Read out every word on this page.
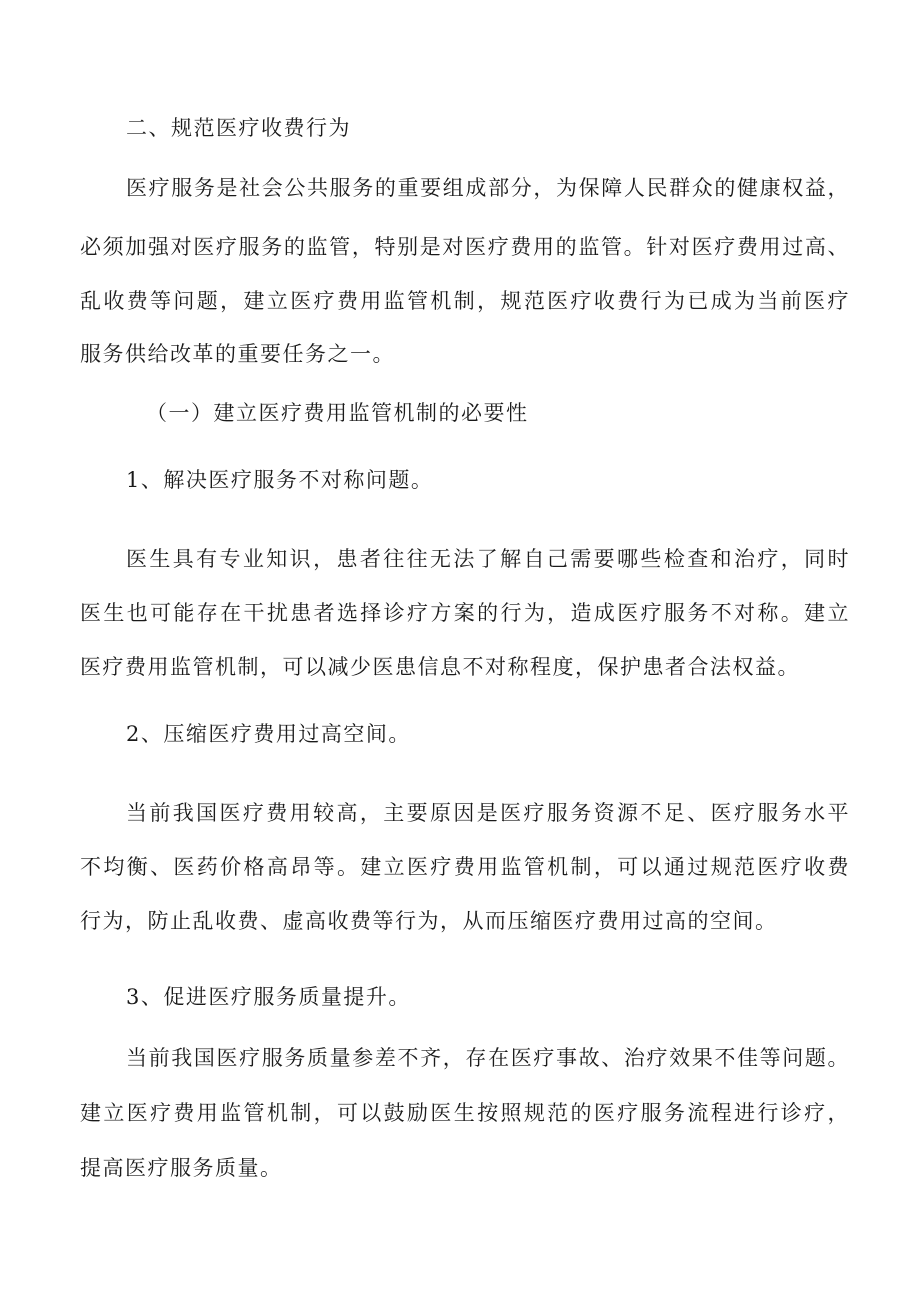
二、规范医疗收费行为
医疗服务是社会公共服务的重要组成部分，为保障人民群众的健康权益，
必须加强对医疗服务的监管，特别是对医疗费用的监管。针对医疗费用过高、
乱收费等问题，建立医疗费用监管机制，规范医疗收费行为已成为当前医疗
服务供给改革的重要任务之一。
（一）建立医疗费用监管机制的必要性
1、解决医疗服务不对称问题。
医生具有专业知识，患者往往无法了解自己需要哪些检查和治疗，同时
医生也可能存在干扰患者选择诊疗方案的行为，造成医疗服务不对称。建立
医疗费用监管机制，可以减少医患信息不对称程度，保护患者合法权益。
2、压缩医疗费用过高空间。
当前我国医疗费用较高，主要原因是医疗服务资源不足、医疗服务水平
不均衡、医药价格高昂等。建立医疗费用监管机制，可以通过规范医疗收费
行为，防止乱收费、虚高收费等行为，从而压缩医疗费用过高的空间。
3、促进医疗服务质量提升。
当前我国医疗服务质量参差不齐，存在医疗事故、治疗效果不佳等问题。
建立医疗费用监管机制，可以鼓励医生按照规范的医疗服务流程进行诊疗，
提高医疗服务质量。
